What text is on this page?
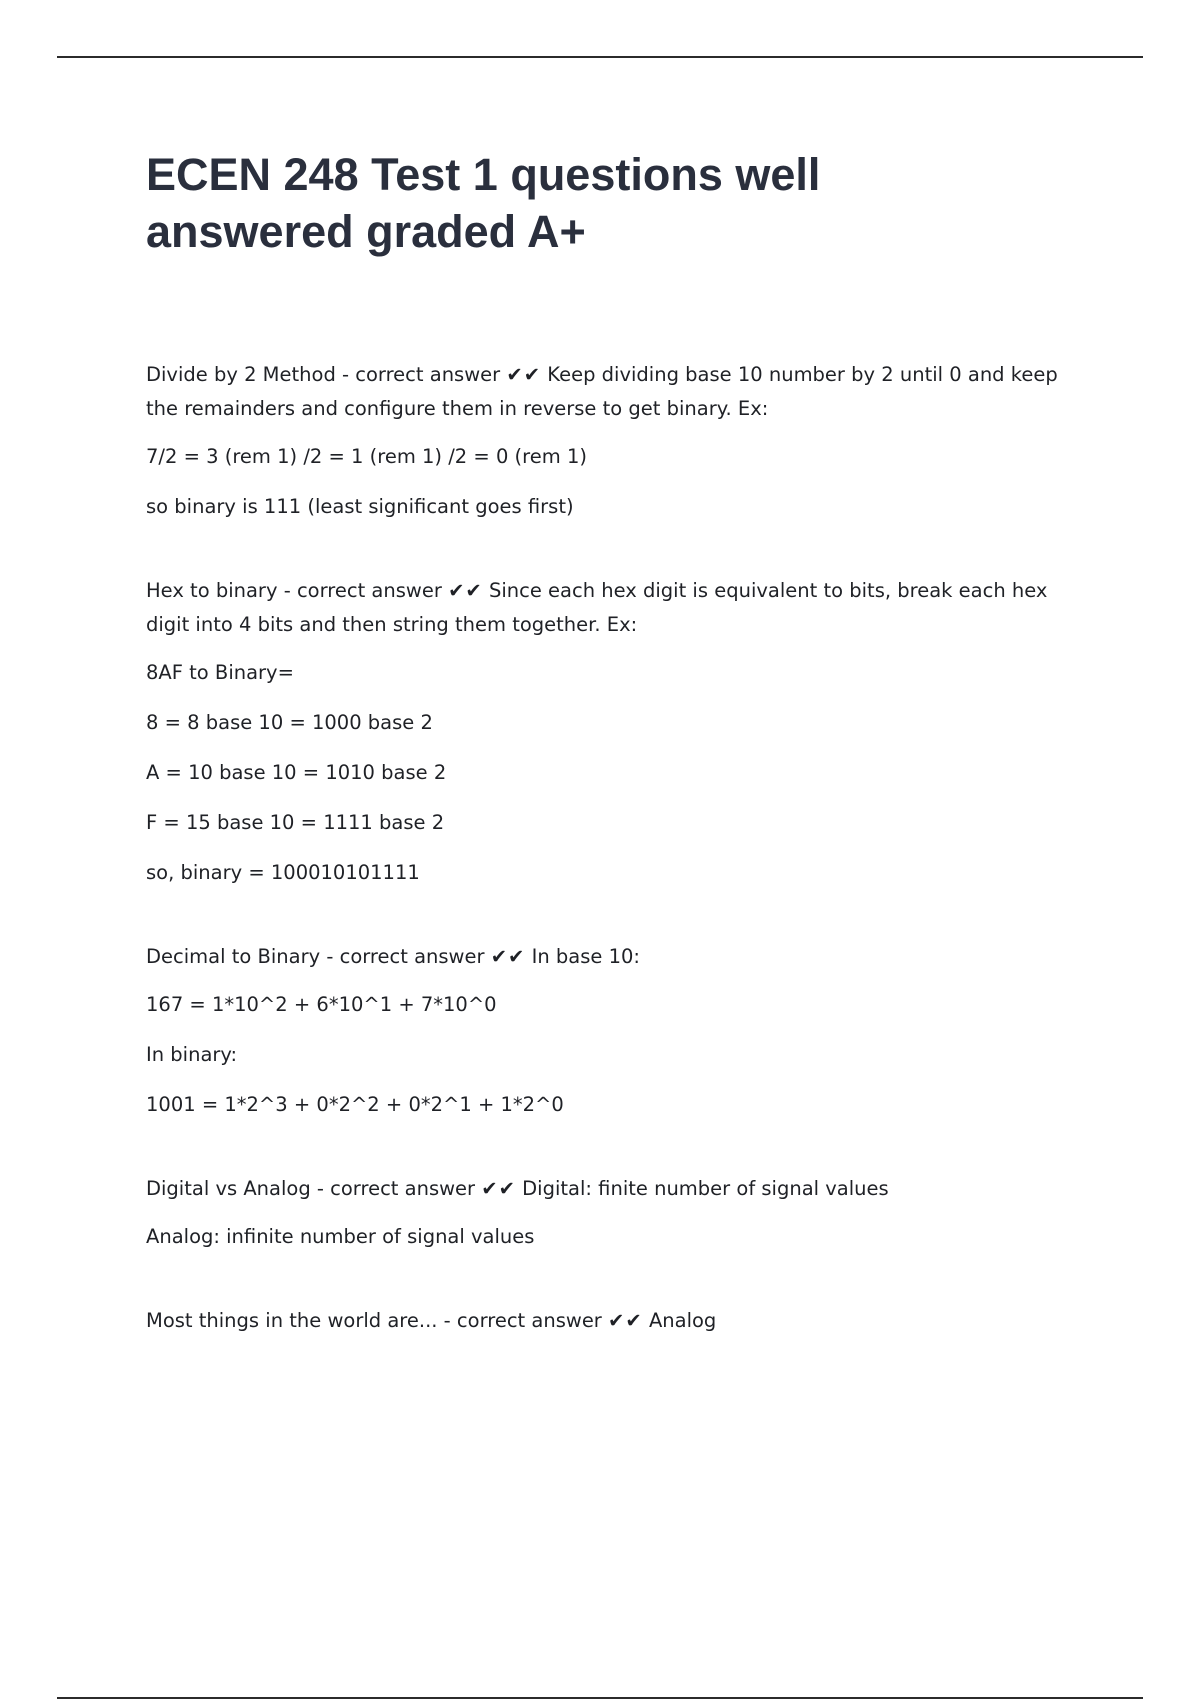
ECEN 248 Test 1 questions well answered graded A+

Divide by 2 Method - correct answer ✔✔ Keep dividing base 10 number by 2 until 0 and keep the remainders and configure them in reverse to get binary. Ex:

7/2 = 3 (rem 1) /2 = 1 (rem 1) /2 = 0 (rem 1)

so binary is 111 (least significant goes first)

Hex to binary - correct answer ✔✔ Since each hex digit is equivalent to bits, break each hex digit into 4 bits and then string them together. Ex:

8AF to Binary=

8 = 8 base 10 = 1000 base 2

A = 10 base 10 = 1010 base 2

F = 15 base 10 = 1111 base 2

so, binary = 100010101111

Decimal to Binary - correct answer ✔✔ In base 10:

167 = 1*10^2 + 6*10^1 + 7*10^0

In binary:

1001 = 1*2^3 + 0*2^2 + 0*2^1 + 1*2^0

Digital vs Analog - correct answer ✔✔ Digital: finite number of signal values

Analog: infinite number of signal values

Most things in the world are... - correct answer ✔✔ Analog
